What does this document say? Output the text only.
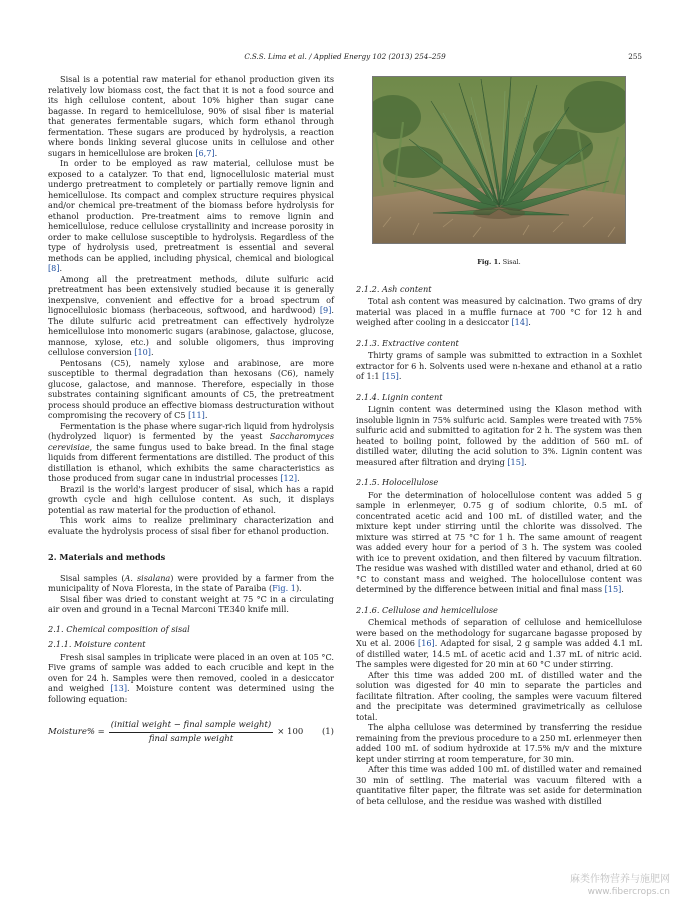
C.S.S. Lima et al. / Applied Energy 102 (2013) 254–259	255

Sisal is a potential raw material for ethanol production given its relatively low biomass cost, the fact that it is not a food source and its high cellulose content, about 10% higher than sugar cane bagasse. In regard to hemicellulose, 90% of sisal fiber is material that generates fermentable sugars, which form ethanol through fermentation. These sugars are produced by hydrolysis, a reaction where bonds linking several glucose units in cellulose and other sugars in hemicellulose are broken [6,7].

In order to be employed as raw material, cellulose must be exposed to a catalyzer. To that end, lignocellulosic material must undergo pretreatment to completely or partially remove lignin and hemicellulose. Its compact and complex structure requires physical and/or chemical pre-treatment of the biomass before hydrolysis for ethanol production. Pre-treatment aims to remove lignin and hemicellulose, reduce cellulose crystallinity and increase porosity in order to make cellulose susceptible to hydrolysis. Regardless of the type of hydrolysis used, pretreatment is essential and several methods can be applied, including physical, chemical and biological [8].

Among all the pretreatment methods, dilute sulfuric acid pretreatment has been extensively studied because it is generally inexpensive, convenient and effective for a broad spectrum of lignocellulosic biomass (herbaceous, softwood, and hardwood) [9]. The dilute sulfuric acid pretreatment can effectively hydrolyze hemicellulose into monomeric sugars (arabinose, galactose, glucose, mannose, xylose, etc.) and soluble oligomers, thus improving cellulose conversion [10].

Pentosans (C5), namely xylose and arabinose, are more susceptible to thermal degradation than hexosans (C6), namely glucose, galactose, and mannose. Therefore, especially in those substrates containing significant amounts of C5, the pretreatment process should produce an effective biomass destructuration without compromising the recovery of C5 [11].

Fermentation is the phase where sugar-rich liquid from hydrolysis (hydrolyzed liquor) is fermented by the yeast Saccharomyces cerevisiae, the same fungus used to bake bread. In the final stage liquids from different fermentations are distilled. The product of this distillation is ethanol, which exhibits the same characteristics as those produced from sugar cane in industrial processes [12].

Brazil is the world's largest producer of sisal, which has a rapid growth cycle and high cellulose content. As such, it displays potential as raw material for the production of ethanol.

This work aims to realize preliminary characterization and evaluate the hydrolysis process of sisal fiber for ethanol production.

2. Materials and methods

Sisal samples (A. sisalana) were provided by a farmer from the municipality of Nova Floresta, in the state of Paraiba (Fig. 1).

Sisal fiber was dried to constant weight at 75 °C in a circulating air oven and ground in a Tecnal Marconi TE340 knife mill.

2.1. Chemical composition of sisal
2.1.1. Moisture content

Fresh sisal samples in triplicate were placed in an oven at 105 °C. Five grams of sample was added to each crucible and kept in the oven for 24 h. Samples were then removed, cooled in a desiccator and weighed [13]. Moisture content was determined using the following equation:

Moisture% = $\frac{\text{(initial weight − final sample weight)}}{\text{final sample weight}} \times 100$ (1)
Fig. 1. Sisal.
2.1.2. Ash content

Total ash content was measured by calcination. Two grams of dry material was placed in a muffle furnace at 700 °C for 12 h and weighed after cooling in a desiccator [14].

2.1.3. Extractive content

Thirty grams of sample was submitted to extraction in a Soxhlet extractor for 6 h. Solvents used were n-hexane and ethanol at a ratio of 1:1 [15].

2.1.4. Lignin content

Lignin content was determined using the Klason method with insoluble lignin in 75% sulfuric acid. Samples were treated with 75% sulfuric acid and submitted to agitation for 2 h. The system was then heated to boiling point, followed by the addition of 560 mL of distilled water, diluting the acid solution to 3%. Lignin content was measured after filtration and drying [15].

2.1.5. Holocellulose

For the determination of holocellulose content was added 5 g sample in erlenmeyer, 0.75 g of sodium chlorite, 0.5 mL of concentrated acetic acid and 100 mL of distilled water, and the mixture kept under stirring until the chlorite was dissolved. The mixture was stirred at 75 °C for 1 h. The same amount of reagent was added every hour for a period of 3 h. The system was cooled with ice to prevent oxidation, and then filtered by vacuum filtration. The residue was washed with distilled water and ethanol, dried at 60 °C to constant mass and weighed. The holocellulose content was determined by the difference between initial and final mass [15].

2.1.6. Cellulose and hemicellulose

Chemical methods of separation of cellulose and hemicellulose were based on the methodology for sugarcane bagasse proposed by Xu et al. 2006 [16]. Adapted for sisal, 2 g sample was added 4.1 mL of distilled water, 14.5 mL of acetic acid and 1.37 mL of nitric acid. The samples were digested for 20 min at 60 °C under stirring.

After this time was added 200 mL of distilled water and the solution was digested for 40 min to separate the particles and facilitate filtration. After cooling, the samples were vacuum filtered and the precipitate was determined gravimetrically as cellulose total.

The alpha cellulose was determined by transferring the residue remaining from the previous procedure to a 250 mL erlenmeyer then added 100 mL of sodium hydroxide at 17.5% m/v and the mixture kept under stirring at room temperature, for 30 min.

After this time was added 100 mL of distilled water and remained 30 min of settling. The material was vacuum filtered with a quantitative filter paper, the filtrate was set aside for determination of beta cellulose, and the residue was washed with distilled

麻类作物营养与施肥网
www.fibercrops.cn
